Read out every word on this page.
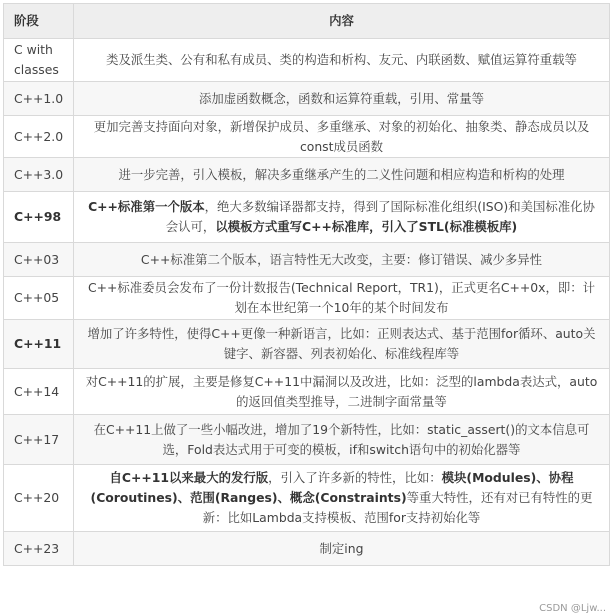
阶段	内容
C with classes	类及派生类、公有和私有成员、类的构造和析构、友元、内联函数、赋值运算符重载等
C++1.0	添加虚函数概念，函数和运算符重载，引用、常量等
C++2.0	更加完善支持面向对象，新增保护成员、多重继承、对象的初始化、抽象类、静态成员以及const成员函数
C++3.0	进一步完善，引入模板，解决多重继承产生的二义性问题和相应构造和析构的处理
C++98	C++标准第一个版本，绝大多数编译器都支持，得到了国际标准化组织(ISO)和美国标准化协会认可，以模板方式重写C++标准库，引入了STL(标准模板库)
C++03	C++标准第二个版本，语言特性无大改变，主要：修订错误、减少多异性
C++05	C++标准委员会发布了一份计数报告(Technical Report，TR1)，正式更名C++0x，即：计划在本世纪第一个10年的某个时间发布
C++11	增加了许多特性，使得C++更像一种新语言，比如：正则表达式、基于范围for循环、auto关键字、新容器、列表初始化、标准线程库等
C++14	对C++11的扩展，主要是修复C++11中漏洞以及改进，比如：泛型的lambda表达式，auto的返回值类型推导，二进制字面常量等
C++17	在C++11上做了一些小幅改进，增加了19个新特性，比如：static_assert()的文本信息可选，Fold表达式用于可变的模板，if和switch语句中的初始化器等
C++20	自C++11以来最大的发行版，引入了许多新的特性，比如：模块(Modules)、协程(Coroutines)、范围(Ranges)、概念(Constraints)等重大特性，还有对已有特性的更新：比如Lambda支持模板、范围for支持初始化等
C++23	制定ing
CSDN @Ljw...
